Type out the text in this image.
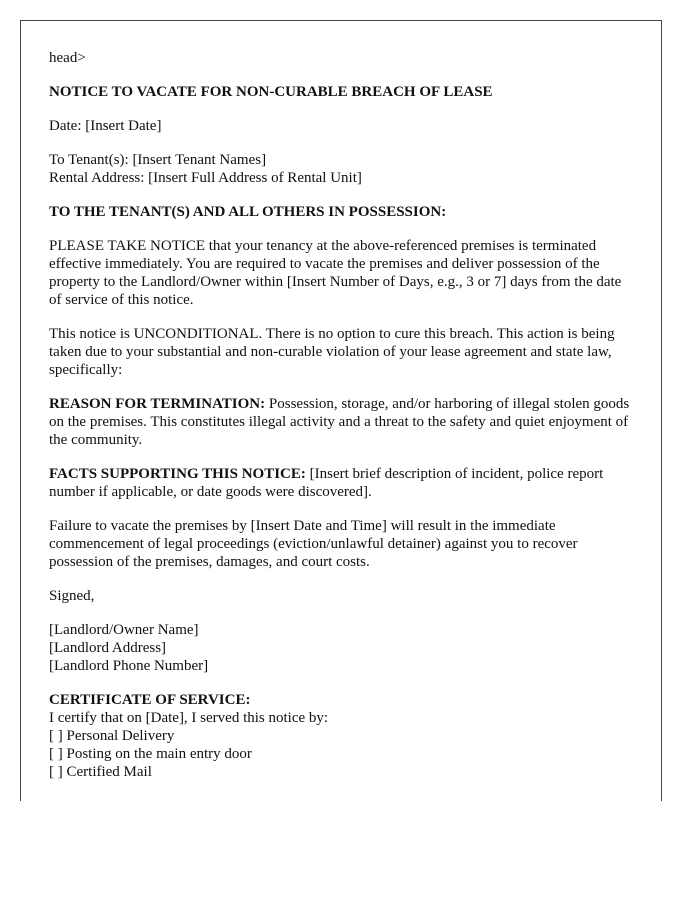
head>

NOTICE TO VACATE FOR NON-CURABLE BREACH OF LEASE

Date: [Insert Date]

To Tenant(s): [Insert Tenant Names]
Rental Address: [Insert Full Address of Rental Unit]

TO THE TENANT(S) AND ALL OTHERS IN POSSESSION:

PLEASE TAKE NOTICE that your tenancy at the above-referenced premises is terminated effective immediately. You are required to vacate the premises and deliver possession of the property to the Landlord/Owner within [Insert Number of Days, e.g., 3 or 7] days from the date of service of this notice.

This notice is UNCONDITIONAL. There is no option to cure this breach. This action is being taken due to your substantial and non-curable violation of your lease agreement and state law, specifically:

REASON FOR TERMINATION: Possession, storage, and/or harboring of illegal stolen goods on the premises. This constitutes illegal activity and a threat to the safety and quiet enjoyment of the community.

FACTS SUPPORTING THIS NOTICE: [Insert brief description of incident, police report number if applicable, or date goods were discovered].

Failure to vacate the premises by [Insert Date and Time] will result in the immediate commencement of legal proceedings (eviction/unlawful detainer) against you to recover possession of the premises, damages, and court costs.

Signed,

[Landlord/Owner Name]
[Landlord Address]
[Landlord Phone Number]

CERTIFICATE OF SERVICE:
I certify that on [Date], I served this notice by:
[ ] Personal Delivery
[ ] Posting on the main entry door
[ ] Certified Mail
